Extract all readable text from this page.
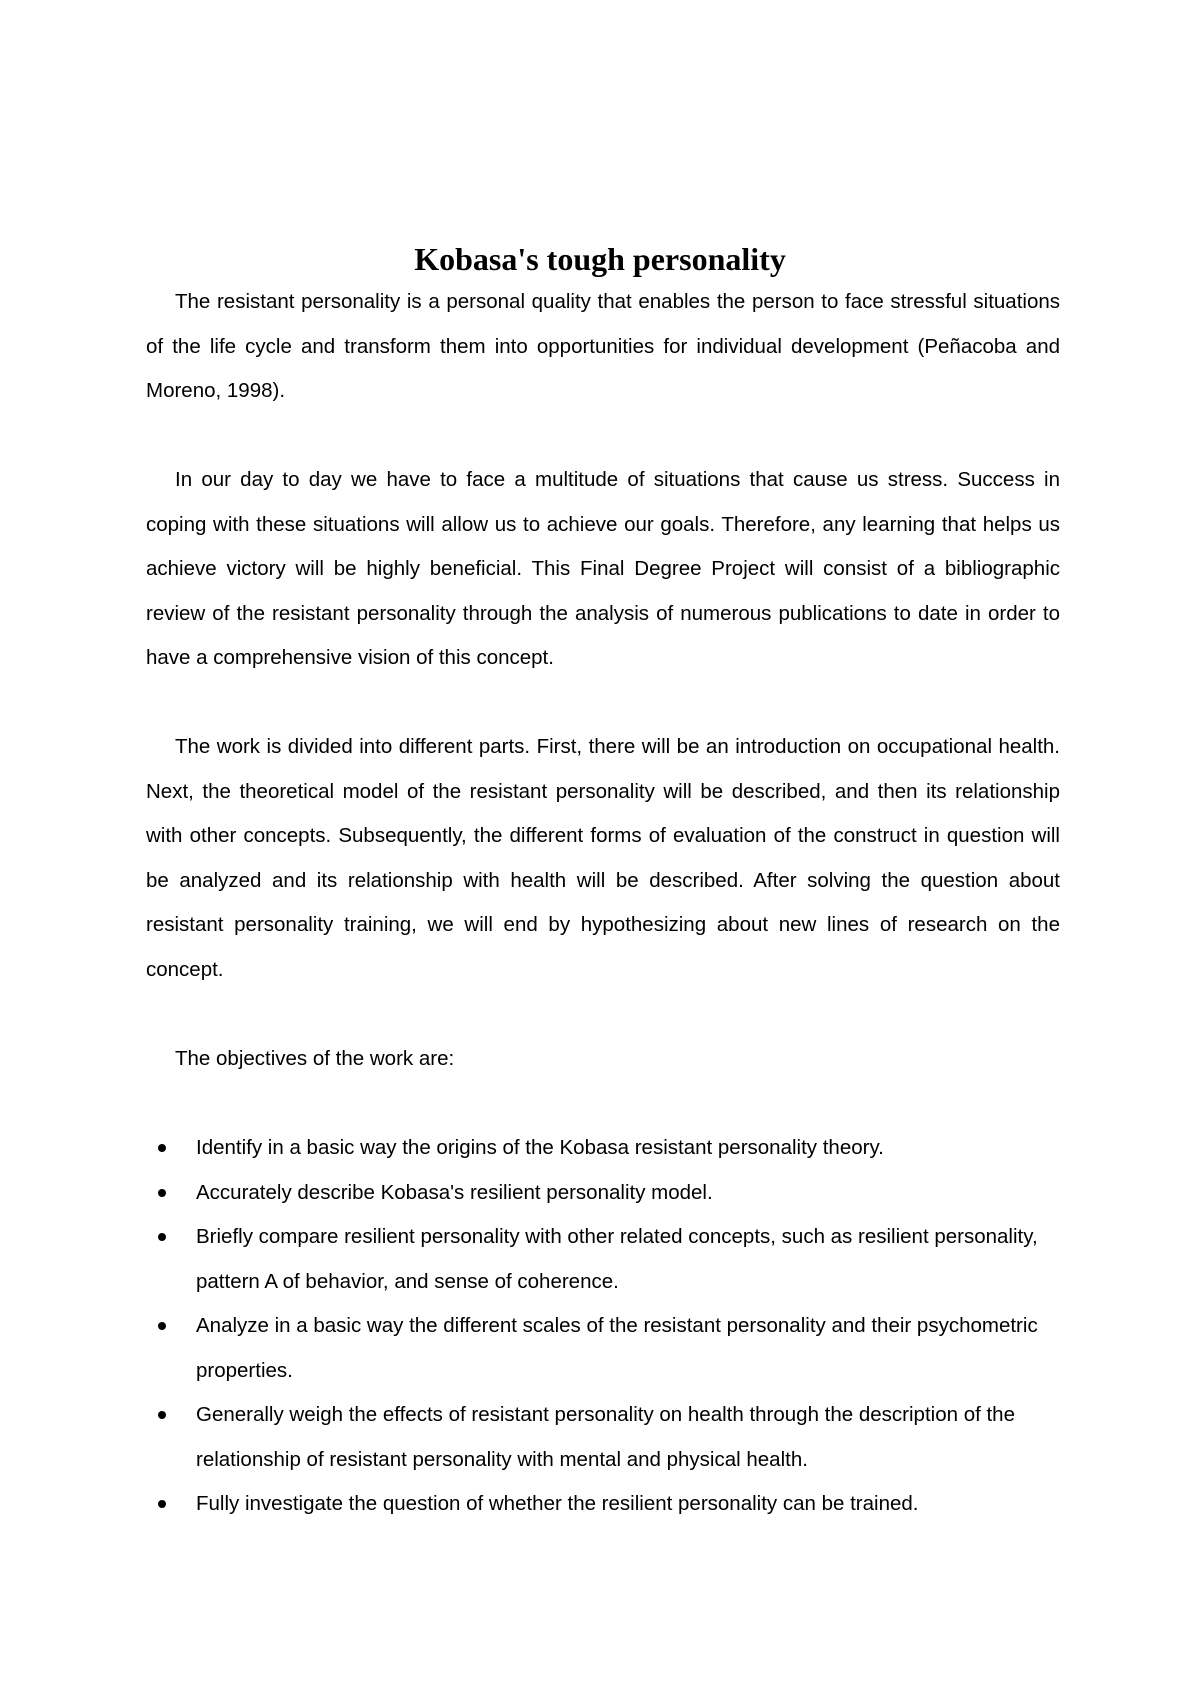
Kobasa's tough personality

The resistant personality is a personal quality that enables the person to face stressful situations of the life cycle and transform them into opportunities for individual development (Peñacoba and Moreno, 1998).

In our day to day we have to face a multitude of situations that cause us stress. Success in coping with these situations will allow us to achieve our goals. Therefore, any learning that helps us achieve victory will be highly beneficial. This Final Degree Project will consist of a bibliographic review of the resistant personality through the analysis of numerous publications to date in order to have a comprehensive vision of this concept.

The work is divided into different parts. First, there will be an introduction on occupational health. Next, the theoretical model of the resistant personality will be described, and then its relationship with other concepts. Subsequently, the different forms of evaluation of the construct in question will be analyzed and its relationship with health will be described. After solving the question about resistant personality training, we will end by hypothesizing about new lines of research on the concept.

The objectives of the work are:

Identify in a basic way the origins of the Kobasa resistant personality theory.
Accurately describe Kobasa's resilient personality model.
Briefly compare resilient personality with other related concepts, such as resilient personality, pattern A of behavior, and sense of coherence.
Analyze in a basic way the different scales of the resistant personality and their psychometric properties.
Generally weigh the effects of resistant personality on health through the description of the relationship of resistant personality with mental and physical health.
Fully investigate the question of whether the resilient personality can be trained.
